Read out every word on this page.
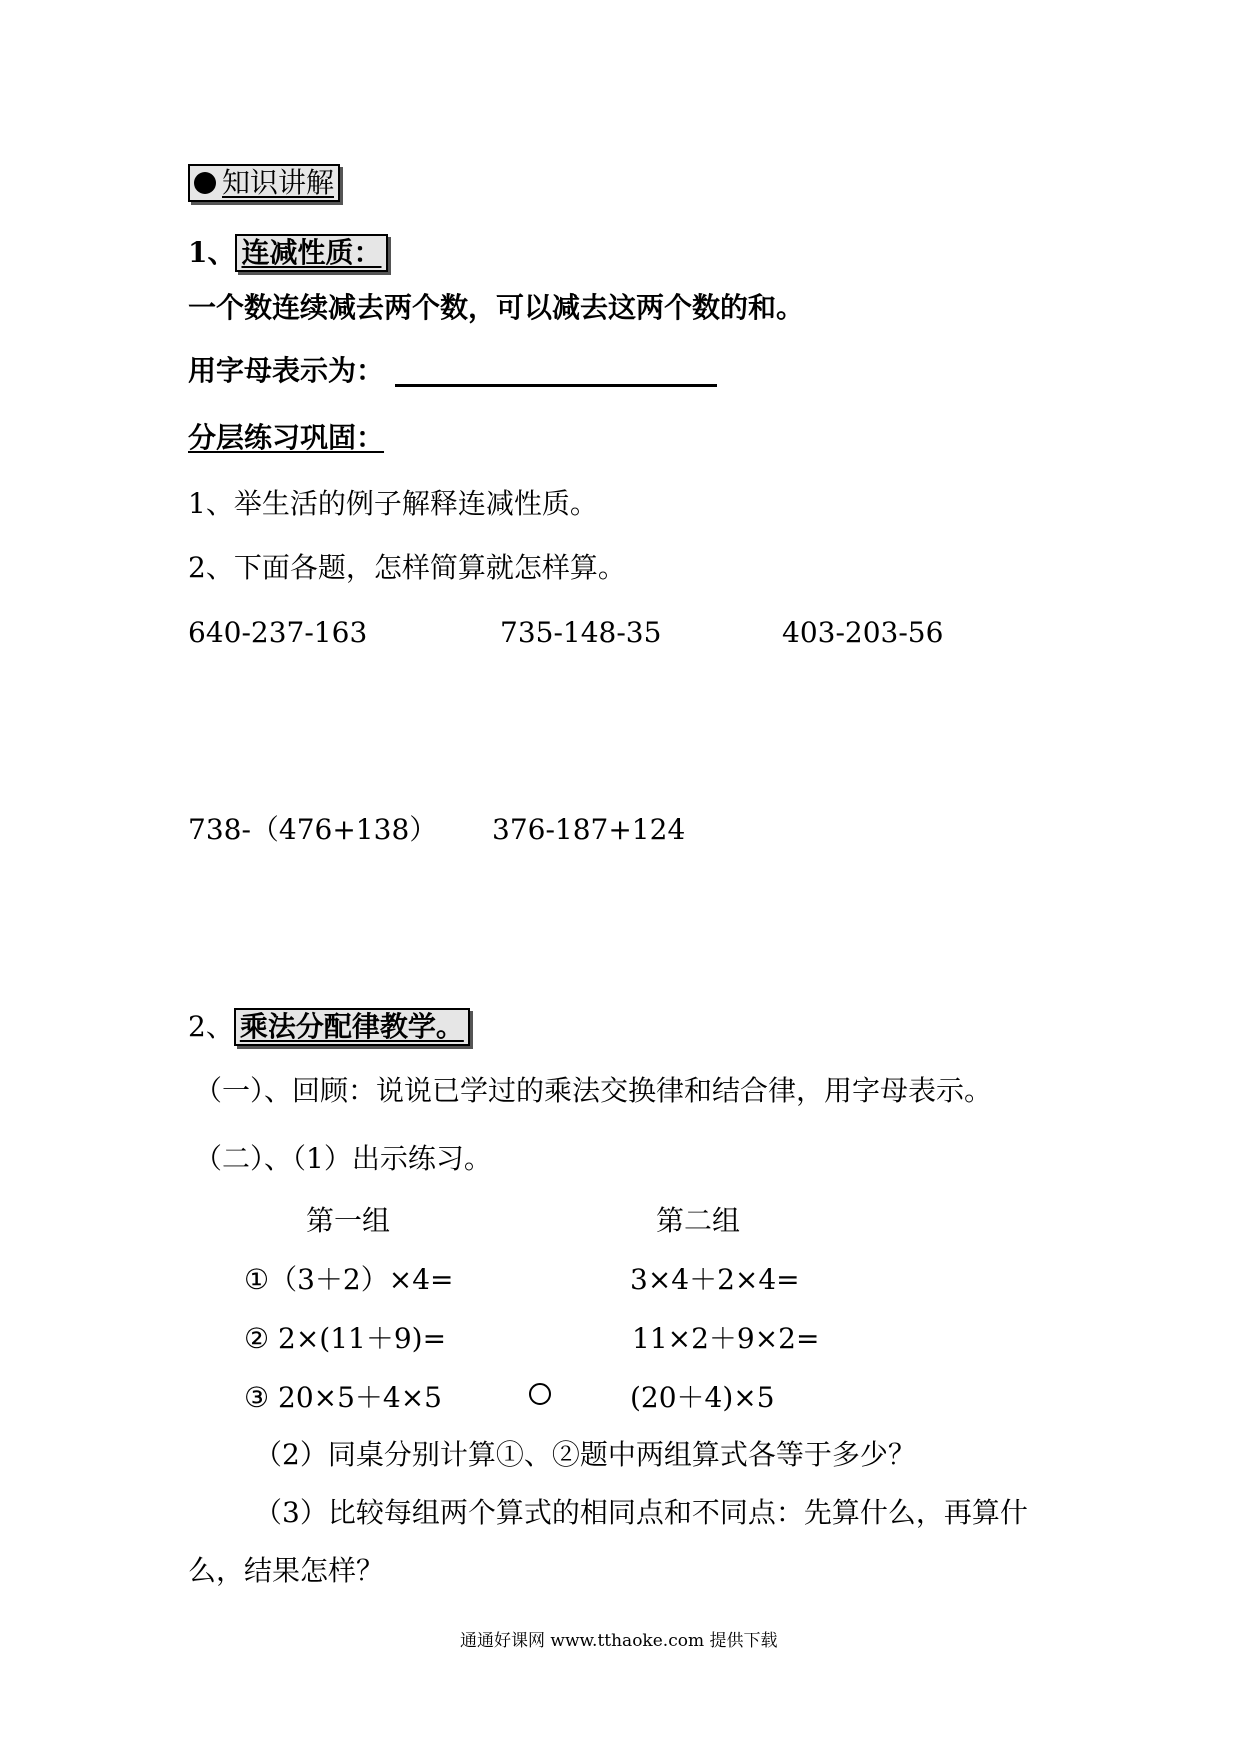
知识讲解
1、 连减性质：
一个数连续减去两个数，可以减去这两个数的和。
用字母表示为：
分层练习巩固：
1、举生活的例子解释连减性质。
2、下面各题，怎样简算就怎样算。
640-237-163	735-148-35	403-203-56
738-（476+138） 376-187+124
2、 乘法分配律教学。
（一）、回顾：说说已学过的乘法交换律和结合律，用字母表示。
（二）、（1）出示练习。
第一组	第二组
①（3＋2）×4=	3×4＋2×4=
② 2×(11＋9)=	11×2＋9×2=
③ 20×5＋4×5	(20＋4)×5
（2）同桌分别计算①、②题中两组算式各等于多少？
（3）比较每组两个算式的相同点和不同点：先算什么，再算什
么，结果怎样？
通通好课网 www.tthaoke.com 提供下载
